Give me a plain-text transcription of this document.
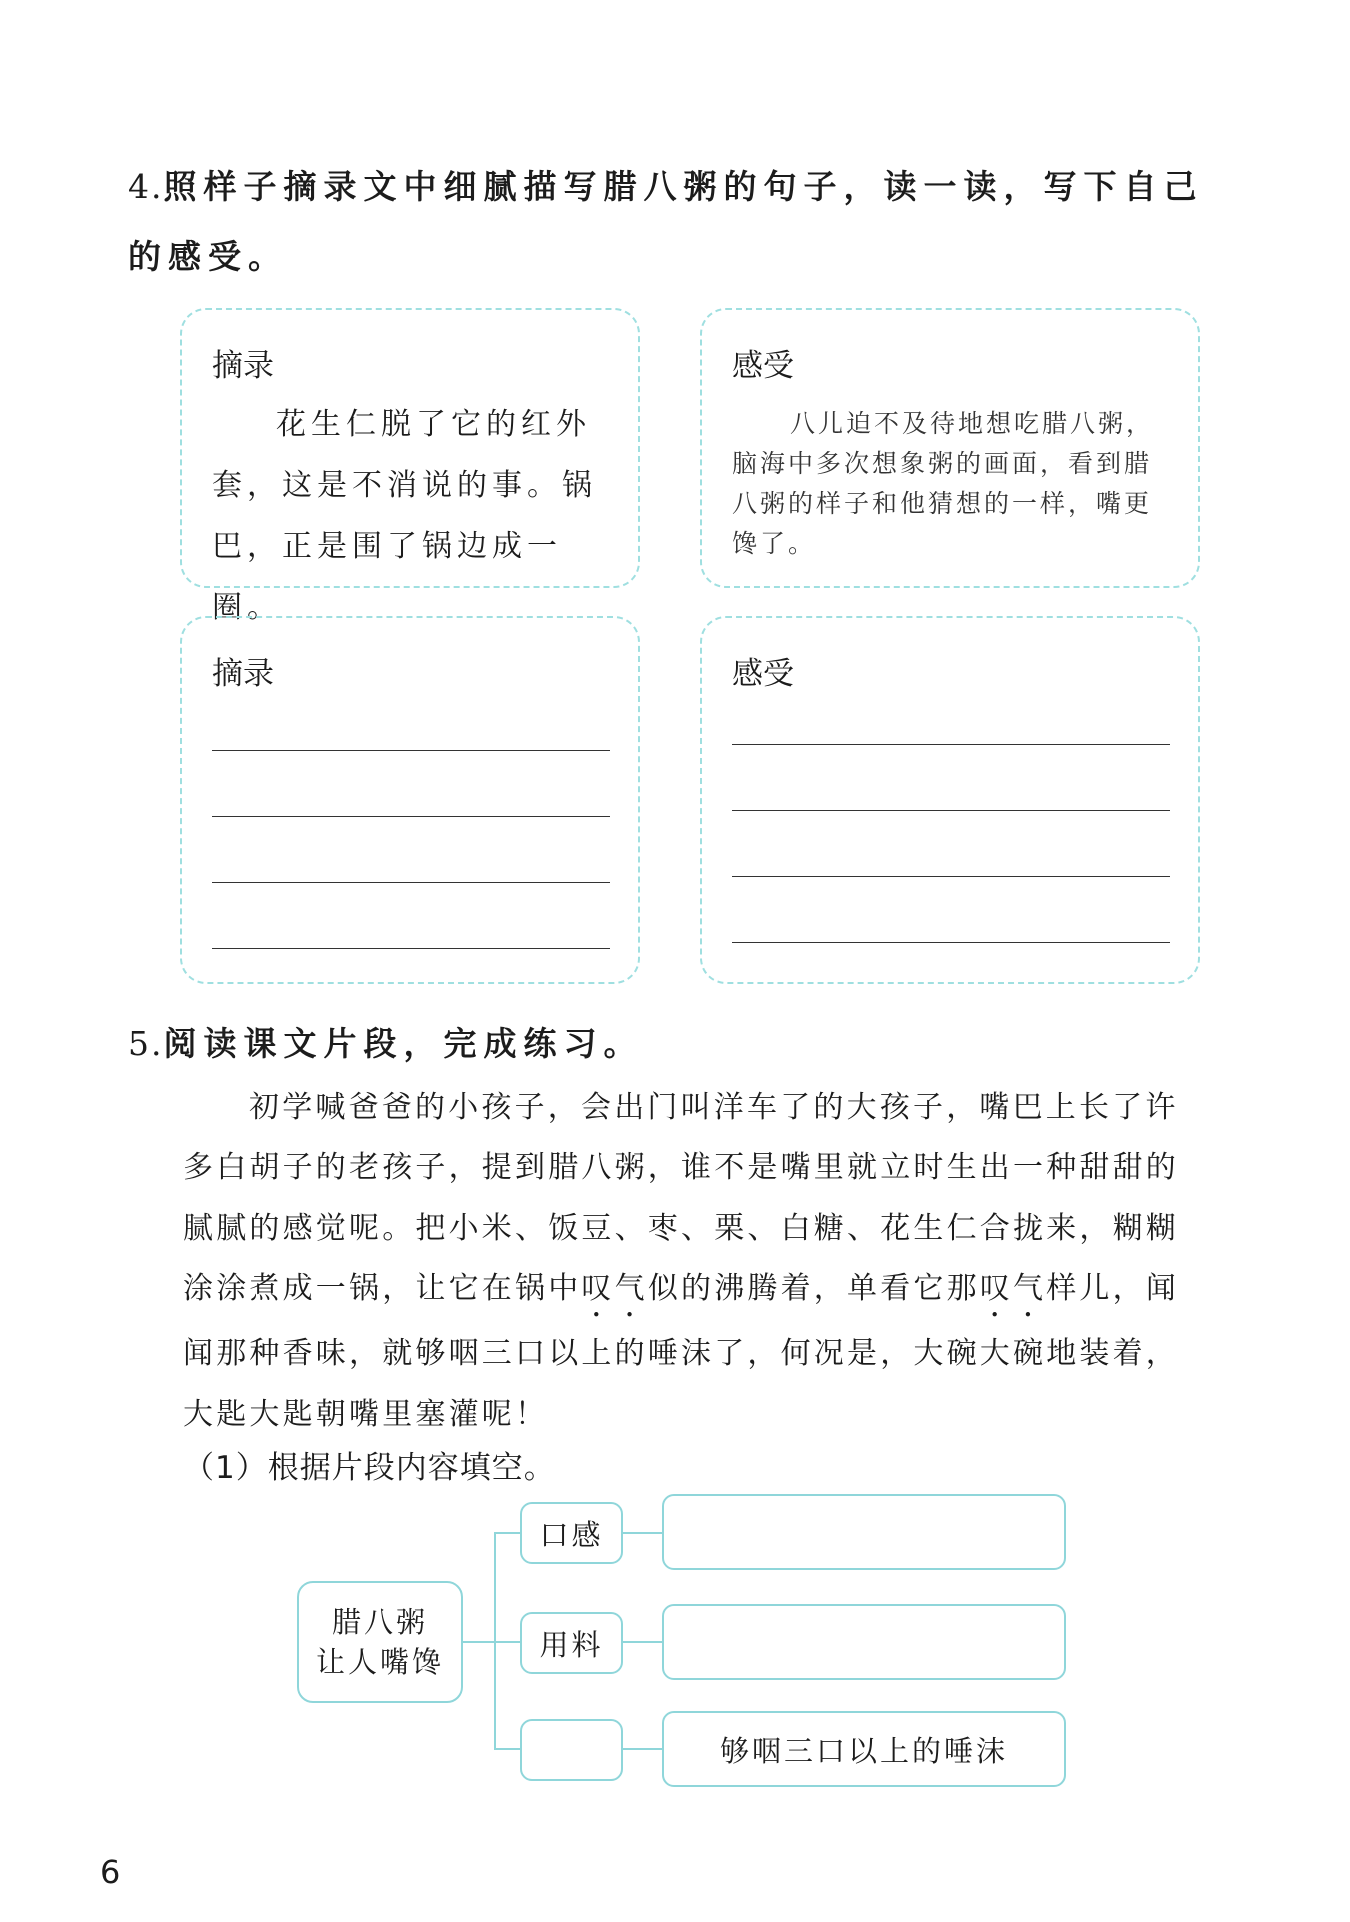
4.照样子摘录文中细腻描写腊八粥的句子，读一读，写下自己的感受。
摘录
花生仁脱了它的红外套，这是不消说的事。锅巴，正是围了锅边成一圈。
感受
八儿迫不及待地想吃腊八粥，脑海中多次想象粥的画面，看到腊八粥的样子和他猜想的一样，嘴更馋了。
摘录	感受
5.阅读课文片段，完成练习。

初学喊爸爸的小孩子，会出门叫洋车了的大孩子，嘴巴上长了许多白胡子的老孩子，提到腊八粥，谁不是嘴里就立时生出一种甜甜的腻腻的感觉呢。把小米、饭豆、枣、栗、白糖、花生仁合拢来，糊糊涂涂煮成一锅，让它在锅中叹气似的沸腾着，单看它那叹气样儿，闻闻那种香味，就够咽三口以上的唾沫了，何况是，大碗大碗地装着，大匙大匙朝嘴里塞灌呢！

（1）根据片段内容填空。
腊八粥
让人嘴馋
口感
用料
够咽三口以上的唾沫
6
